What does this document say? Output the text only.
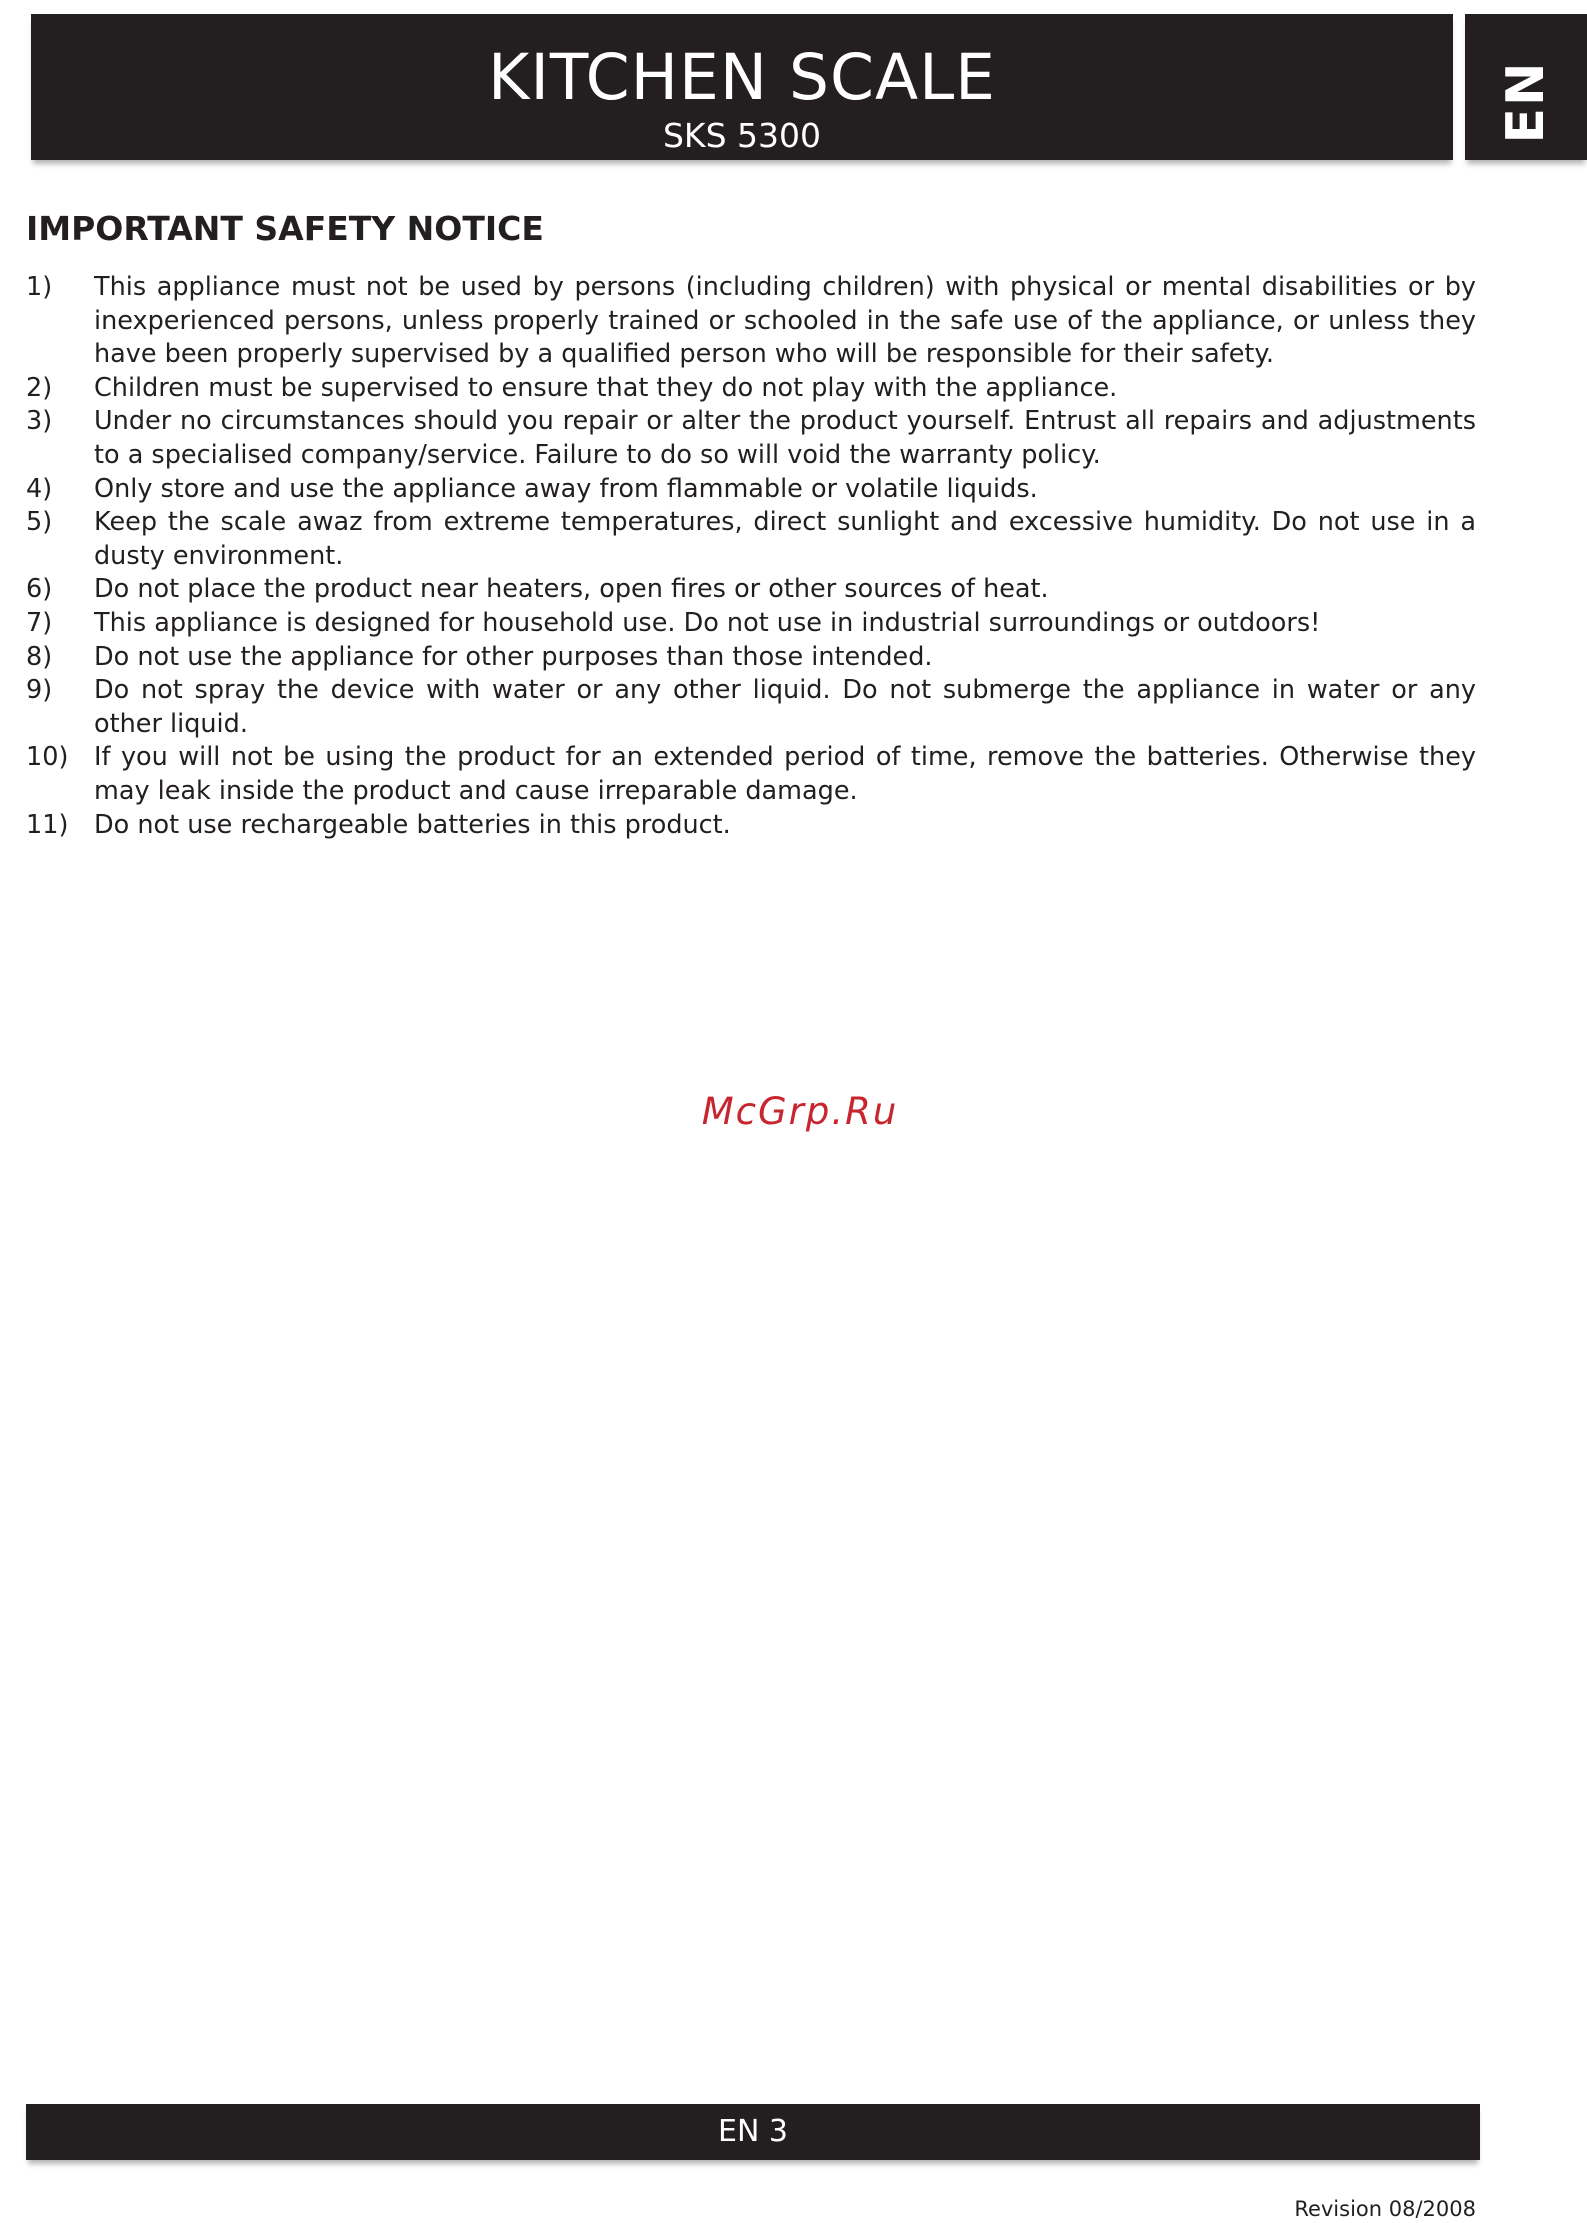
KITCHEN SCALE
SKS 5300	EN
IMPORTANT SAFETY NOTICE
1) This appliance must not be used by persons (including children) with physical or mental disabilities or by inexperienced persons, unless properly trained or schooled in the safe use of the appliance, or unless they have been properly supervised by a qualified person who will be responsible for their safety.
2) Children must be supervised to ensure that they do not play with the appliance.
3) Under no circumstances should you repair or alter the product yourself. Entrust all repairs and adjustments to a specialised company/service. Failure to do so will void the warranty policy.
4) Only store and use the appliance away from flammable or volatile liquids.
5) Keep the scale awaz from extreme temperatures, direct sunlight and excessive humidity. Do not use in a dusty environment.
6) Do not place the product near heaters, open fires or other sources of heat.
7) This appliance is designed for household use. Do not use in industrial surroundings or outdoors!
8) Do not use the appliance for other purposes than those intended.
9) Do not spray the device with water or any other liquid. Do not submerge the appliance in water or any other liquid.
10) If you will not be using the product for an extended period of time, remove the batteries. Otherwise they may leak inside the product and cause irreparable damage.
11) Do not use rechargeable batteries in this product.
McGrp.Ru
EN 3
Revision 08/2008
